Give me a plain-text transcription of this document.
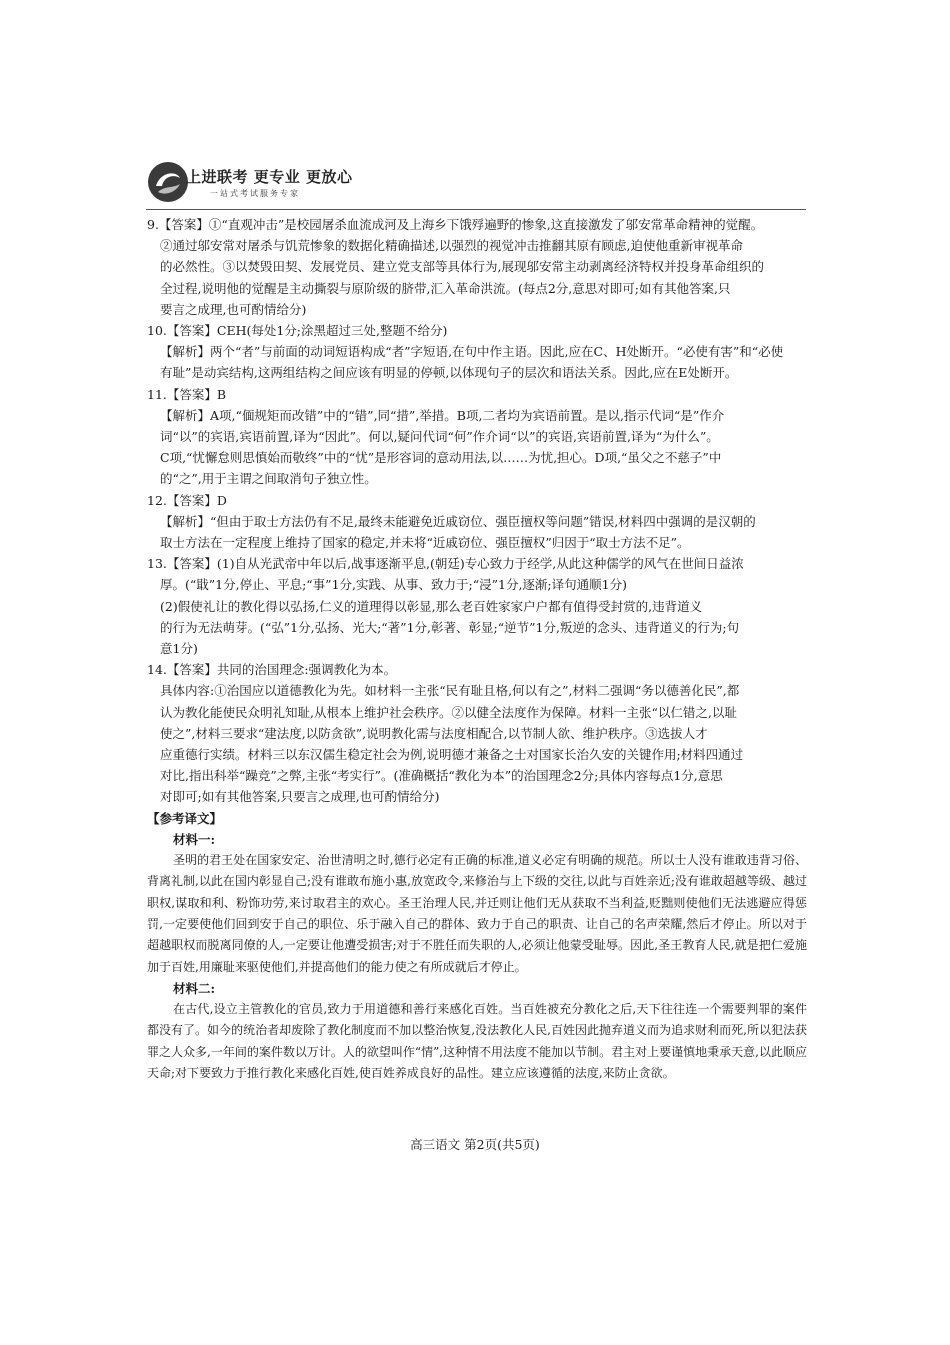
上进联考 更专业 更放心
一站式考试服务专家

9.【答案】①“直观冲击”是校园屠杀血流成河及上海乡下饿殍遍野的惨象,这直接激发了邬安常革命精神的觉醒。

②通过邬安常对屠杀与饥荒惨象的数据化精确描述,以强烈的视觉冲击推翻其原有顾虑,迫使他重新审视革命

的必然性。③以焚毁田契、发展党员、建立党支部等具体行为,展现邬安常主动剥离经济特权并投身革命组织的

全过程,说明他的觉醒是主动撕裂与原阶级的脐带,汇入革命洪流。(每点2分,意思对即可;如有其他答案,只

要言之成理,也可酌情给分)

10.【答案】CEH(每处1分;涂黑超过三处,整题不给分)

【解析】两个“者”与前面的动词短语构成“者”字短语,在句中作主语。因此,应在C、H处断开。“必使有害”和“必使

有耻”是动宾结构,这两组结构之间应该有明显的停顿,以体现句子的层次和语法关系。因此,应在E处断开。

11.【答案】B

【解析】A项,“偭规矩而改错”中的“错”,同“措”,举措。B项,二者均为宾语前置。是以,指示代词“是”作介

词“以”的宾语,宾语前置,译为“因此”。何以,疑问代词“何”作介词“以”的宾语,宾语前置,译为“为什么”。

C项,“忧懈怠则思慎始而敬终”中的“忧”是形容词的意动用法,以……为忧,担心。D项,“虽父之不慈子”中

的“之”,用于主谓之间取消句子独立性。

12.【答案】D

【解析】“但由于取士方法仍有不足,最终未能避免近戚窃位、强臣擅权等问题”错误,材料四中强调的是汉朝的

取士方法在一定程度上维持了国家的稳定,并未将“近戚窃位、强臣擅权”归因于“取士方法不足”。

13.【答案】(1)自从光武帝中年以后,战事逐渐平息,(朝廷)专心致力于经学,从此这种儒学的风气在世间日益浓

厚。(“戢”1分,停止、平息;“事”1分,实践、从事、致力于;“浸”1分,逐渐;译句通顺1分)

(2)假使礼让的教化得以弘扬,仁义的道理得以彰显,那么老百姓家家户户都有值得受封赏的,违背道义

的行为无法萌芽。(“弘”1分,弘扬、光大;“著”1分,彰著、彰显;“逆节”1分,叛逆的念头、违背道义的行为;句

意1分)

14.【答案】共同的治国理念:强调教化为本。

具体内容:①治国应以道德教化为先。如材料一主张“民有耻且格,何以有之”,材料二强调“务以德善化民”,都

认为教化能使民众明礼知耻,从根本上维护社会秩序。②以健全法度作为保障。材料一主张“以仁错之,以耻

使之”,材料三要求“建法度,以防贪欲”,说明教化需与法度相配合,以节制人欲、维护秩序。③选拔人才

应重德行实绩。材料三以东汉儒生稳定社会为例,说明德才兼备之士对国家长治久安的关键作用;材料四通过

对比,指出科举“躁竞”之弊,主张“考实行”。(准确概括“教化为本”的治国理念2分;具体内容每点1分,意思

对即可;如有其他答案,只要言之成理,也可酌情给分)

【参考译文】

材料一:

圣明的君王处在国家安定、治世清明之时,德行必定有正确的标准,道义必定有明确的规范。所以士人没有谁敢违背习俗、背离礼制,以此在国内彰显自己;没有谁敢布施小惠,放宽政令,来修治与上下级的交往,以此与百姓亲近;没有谁敢超越等级、越过职权,谋取和利、粉饰功劳,来讨取君主的欢心。圣王治理人民,并迁则让他们无从获取不当利益,贬黜则使他们无法逃避应得惩罚,一定要使他们回到安于自己的职位、乐于融入自己的群体、致力于自己的职责、让自己的名声荣耀,然后才停止。所以对于超越职权而脱离同僚的人,一定要让他遭受损害;对于不胜任而失职的人,必须让他蒙受耻辱。因此,圣王教育人民,就是把仁爱施加于百姓,用廉耻来驱使他们,并提高他们的能力使之有所成就后才停止。

材料二:

在古代,设立主管教化的官员,致力于用道德和善行来感化百姓。当百姓被充分教化之后,天下往往连一个需要判罪的案件都没有了。如今的统治者却废除了教化制度而不加以整治恢复,没法教化人民,百姓因此抛弃道义而为追求财利而死,所以犯法获罪之人众多,一年间的案件数以万计。人的欲望叫作“情”,这种情不用法度不能加以节制。君主对上要谨慎地秉承天意,以此顺应天命;对下要致力于推行教化来感化百姓,使百姓养成良好的品性。建立应该遵循的法度,来防止贪欲。

高三语文 第2页(共5页)
